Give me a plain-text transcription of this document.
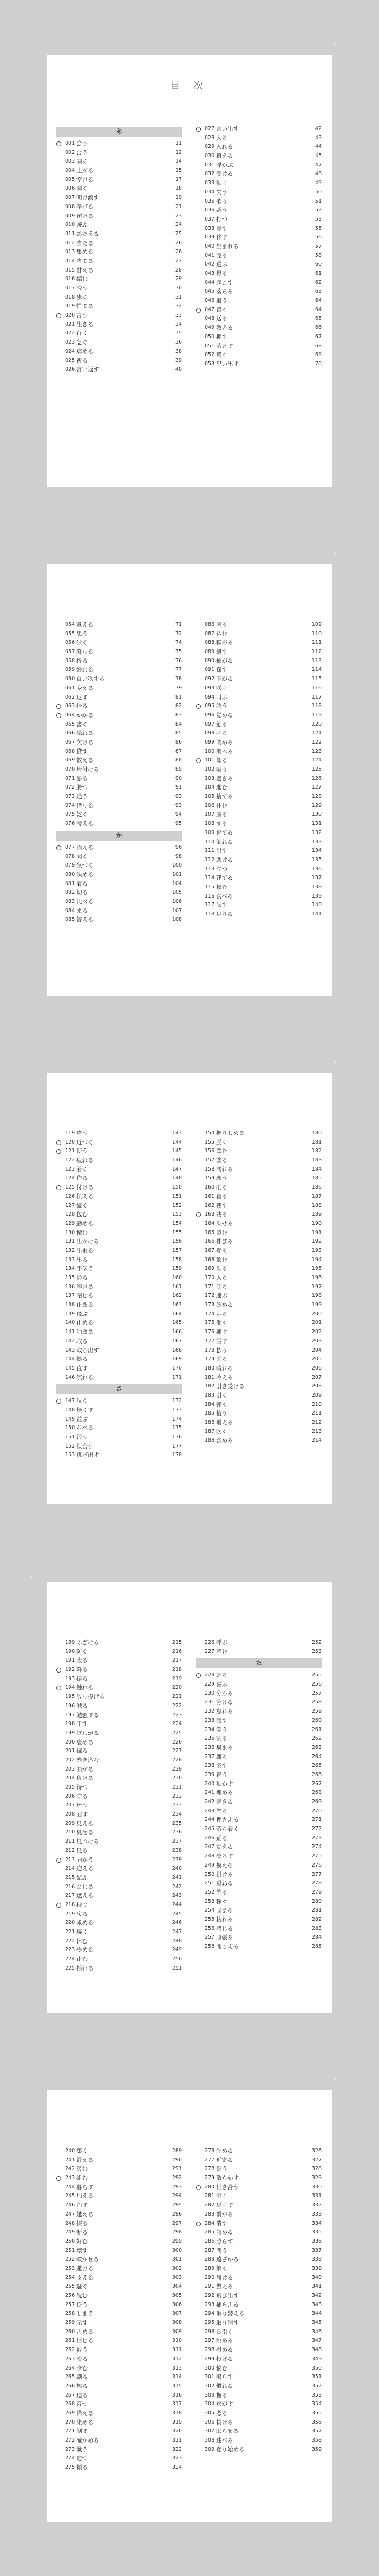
2
目 次
あ
001 会う	11
002 合う	12
003 開く	14
004 上がる	15
005 空ける	17
006 開く	18
007 明け渡す	19
008 挙げる	21
009 預ける	23
010 遊ぶ	24
011 あたえる	25
012 当たる	26
013 集める	26
014 当てる	27
015 甘える	28
016 編む	29
017 洗う	30
018 歩く	31
019 慌てる	32
020 言う	33
021 生きる	34
022 行く	35
023 急ぐ	36
024 痛める	38
025 祈る	39
026 言い返す	40
027 言い出す	42
028 入る	43
029 入れる	44
030 植える	45
031 浮かぶ	47
032 受ける	48
033 動く	49
034 失う	50
035 歌う	51
036 疑う	52
037 打つ	53
038 写す	55
039 移す	56
040 生まれる	57
041 売る	58
042 選ぶ	60
043 得る	61
044 起こす	62
045 落ちる	63
046 追う	64
047 置く	64
048 送る	65
049 教える	66
050 押す	67
051 落とす	68
052 驚く	69
053 思い出す	70
3
054 覚える	71
055 思う	72
056 泳ぐ	74
057 降りる	75
058 折る	76
059 終わる	77
060 買い物する	78
061 変える	79
062 返す	81
063 帰る	82
064 かかる	83
065 書く	84
066 隠れる	85
067 欠ける	86
068 貸す	87
069 数える	88
070 片付ける	89
071 語る	90
072 勝つ	91
073 通う	93
074 借りる	93
075 乾く	94
076 考える	95
か
077 消える	96
078 聞く	98
079 気づく	100
080 決める	101
081 着る	104
082 切る	105
083 比べる	106
084 来る	107
085 答える	108
086 困る	109
087 込む	110
088 転がる	111
089 殺す	112
090 怖がる	113
091 探す	114
092 下がる	115
093 咲く	116
094 叫ぶ	117
095 誘う	118
096 覚める	119
097 触る	120
098 叱る	121
099 閉める	122
100 調べる	123
101 知る	124
102 吸う	125
103 過ぎる	126
104 進む	127
105 捨てる	128
106 住む	129
107 座る	130
108 する	131
109 育てる	132
110 倒れる	133
111 出す	134
112 助ける	135
113 立つ	136
114 建てる	137
115 頼む	138
116 食べる	139
117 試す	140
118 足りる	141
4
119 違う	143
120 近づく	144
121 使う	145
122 疲れる	146
123 着く	147
124 作る	148
125 付ける	150
126 伝える	151
127 続く	152
128 包む	153
129 勤める	154
130 積む	155
131 出かける	156
132 出来る	157
133 出る	158
134 手伝う	159
135 通る	160
136 溶ける	161
137 閉じる	162
138 止まる	163
139 飛ぶ	164
140 止める	165
141 泊まる	166
142 取る	167
143 取り出す	168
144 撮る	169
145 直す	170
146 流れる	171
さ
147 泣く	172
148 無くす	173
149 並ぶ	174
150 並べる	175
151 習う	176
152 似合う	177
153 逃げ出す	178
154 握りしめる	180
155 脱ぐ	181
156 盗む	182
157 塗る	183
158 濡れる	184
159 願う	185
160 眠る	186
161 寝る	187
162 残す	188
163 残る	189
164 乗せる	190
165 望む	191
166 伸びる	192
167 登る	193
168 飲む	194
169 乗る	195
170 入る	196
171 測る	197
172 運ぶ	198
173 始める	199
174 走る	200
175 働く	201
176 離す	202
177 話す	203
178 払う	204
179 貼る	205
180 晴れる	206
181 冷える	207
182 引き受ける	208
183 引く	209
184 弾く	210
185 拾う	211
186 増える	212
187 吹く	213
188 含める	214
5
189 ふざける	215
190 防ぐ	216
191 太る	217
192 降る	218
193 振る	219
194 触れる	220
195 放り投げる	221
196 減る	222
197 勉強する	223
198 干す	224
199 欲しがる	225
200 褒める	226
201 掘る	227
202 巻き込む	228
203 曲がる	229
204 負ける	230
205 待つ	231
206 守る	232
207 迷う	233
208 回す	234
209 見える	235
210 見せる	236
211 見つける	237
212 見る	238
213 向かう	239
214 迎える	240
215 結ぶ	241
216 命じる	242
217 燃える	243
218 持つ	244
219 戻る	245
220 求める	246
221 焼く	247
222 休む	248
223 やめる	249
224 止む	250
225 揺れる	251
226 呼ぶ	252
227 読む	253
た
228 寄る	255
229 喜ぶ	256
230 分かる	257
231 分ける	258
232 忘れる	259
233 渡す	260
234 笑う	261
235 割る	262
236 集まる	263
237 謝る	264
238 表す	265
239 祝う	266
240 動かす	267
241 埋める	268
242 起きる	269
243 怒る	270
244 押さえる	271
245 落ち着く	272
246 踊る	273
247 覚える	274
248 降ろす	275
249 換える	276
250 掛ける	277
251 重ねる	278
252 飾る	279
253 稼ぐ	280
254 固まる	281
255 枯れる	282
256 感じる	283
257 頑張る	284
258 聞こえる	285
6
240 築く	289
241 鍛える	290
242 汲む	291
243 組む	292
244 暮らす	293
245 加える	294
246 消す	295
247 越える	296
248 探る	297
249 断る	298
250 好む	299
251 壊す	300
252 咲かせる	301
253 避ける	302
254 支える	303
255 騒ぐ	304
256 沈む	305
257 従う	306
258 しまう	307
259 示す	308
260 占める	309
261 信じる	310
262 救う	311
263 滑る	312
264 済む	313
265 刷る	314
266 擦る	315
267 迫る	316
268 育つ	317
269 備える	318
270 染める	319
271 倒す	320
272 確かめる	321
273 戦う	322
274 建つ	323
275 頼る	324
276 貯める	326
277 近寄る	327
278 誓う	328
279 散らかす	329
280 付き合う	330
281 突く	331
282 尽くす	332
283 繋がる	333
284 潰す	334
285 詰める	335
286 照らす	336
287 問う	337
288 遠ざかる	338
289 解く	339
290 届ける	340
291 整える	341
292 飛び出す	342
293 捕らえる	343
294 取り替える	344
295 取り消す	345
296 長引く	346
297 眺める	347
298 慰める	348
299 投げる	349
300 悩む	350
301 鳴らす	351
302 慣れる	352
303 握る	353
304 逃がす	354
305 煮る	355
306 抜ける	356
307 眠らせる	357
308 述べる	358
309 登り始める	359
